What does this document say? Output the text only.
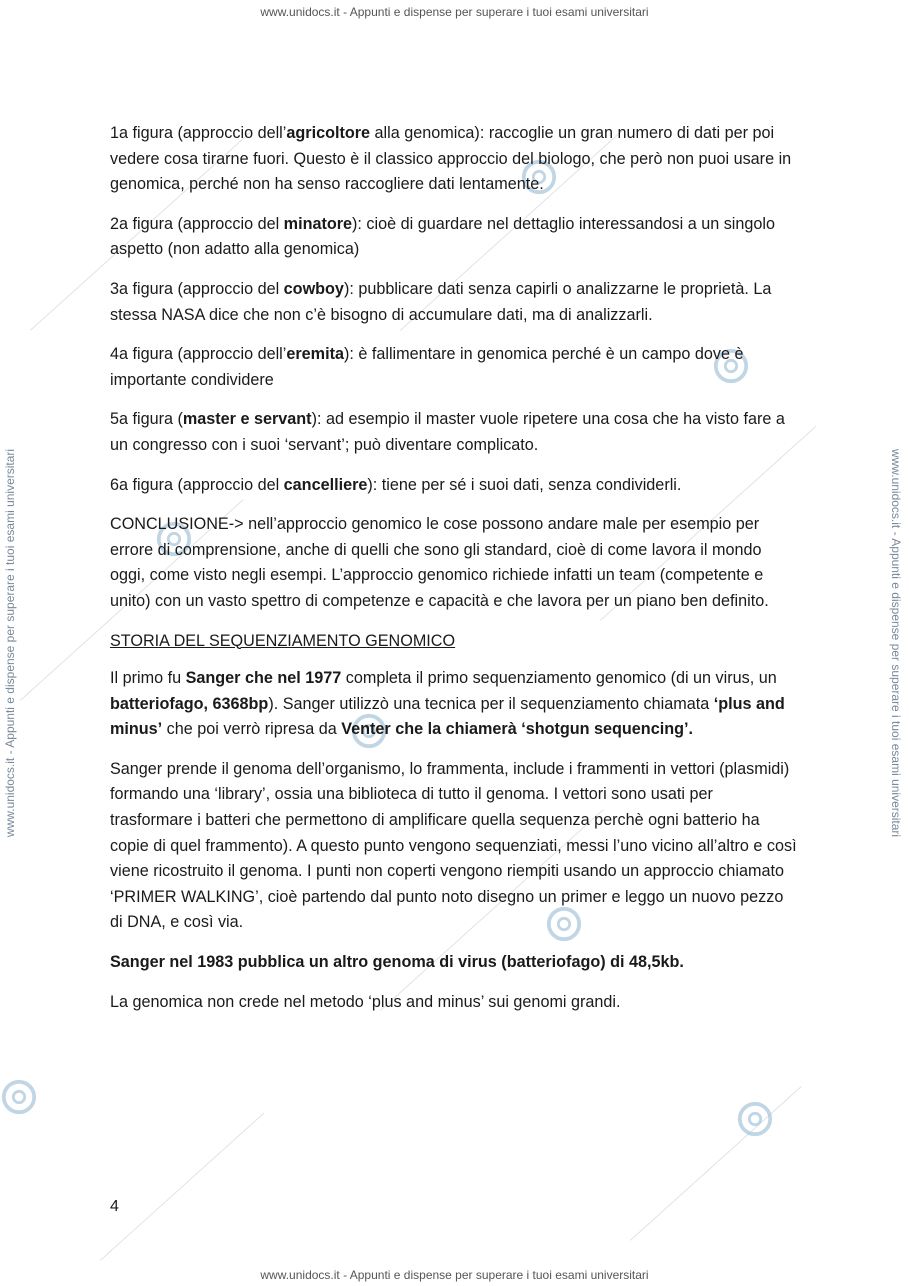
www.unidocs.it - Appunti e dispense per superare i tuoi esami universitari
www.unidocs.it - Appunti e dispense per superare i tuoi esami universitari
www.unidocs.it - Appunti e dispense per superare i tuoi esami universitari	www.unidocs.it - Appunti e dispense per superare i tuoi esami universitari

1a figura (approccio dell’agricoltore alla genomica): raccoglie un gran numero di dati per poi vedere cosa tirarne fuori. Questo è il classico approccio del biologo, che però non puoi usare in genomica, perché non ha senso raccogliere dati lentamente.

2a figura (approccio del minatore): cioè di guardare nel dettaglio interessandosi a un singolo aspetto (non adatto alla genomica)

3a figura (approccio del cowboy): pubblicare dati senza capirli o analizzarne le proprietà. La stessa NASA dice che non c’è bisogno di accumulare dati, ma di analizzarli.

4a figura (approccio dell’eremita): è fallimentare in genomica perché è un campo dove è importante condividere

5a figura (master e servant): ad esempio il master vuole ripetere una cosa che ha visto fare a un congresso con i suoi ‘servant’; può diventare complicato.

6a figura (approccio del cancelliere): tiene per sé i suoi dati, senza condividerli.

CONCLUSIONE-> nell’approccio genomico le cose possono andare male per esempio per errore di comprensione, anche di quelli che sono gli standard, cioè di come lavora il mondo oggi, come visto negli esempi. L’approccio genomico richiede infatti un team (competente e unito) con un vasto spettro di competenze e capacità e che lavora per un piano ben definito.

STORIA DEL SEQUENZIAMENTO GENOMICO

Il primo fu Sanger che nel 1977 completa il primo sequenziamento genomico (di un virus, un batteriofago, 6368bp). Sanger utilizzò una tecnica per il sequenziamento chiamata ‘plus and minus’ che poi verrò ripresa da Venter che la chiamerà ‘shotgun sequencing’.

Sanger prende il genoma dell’organismo, lo frammenta, include i frammenti in vettori (plasmidi) formando una ‘library’, ossia una biblioteca di tutto il genoma. I vettori sono usati per trasformare i batteri che permettono di amplificare quella sequenza perchè ogni batterio ha copie di quel frammento). A questo punto vengono sequenziati, messi l’uno vicino all’altro e così viene ricostruito il genoma. I punti non coperti vengono riempiti usando un approccio chiamato ‘PRIMER WALKING’, cioè partendo dal punto noto disegno un primer e leggo un nuovo pezzo di DNA, e così via.

Sanger nel 1983 pubblica un altro genoma di virus (batteriofago) di 48,5kb.

La genomica non crede nel metodo ‘plus and minus’ sui genomi grandi.

4
